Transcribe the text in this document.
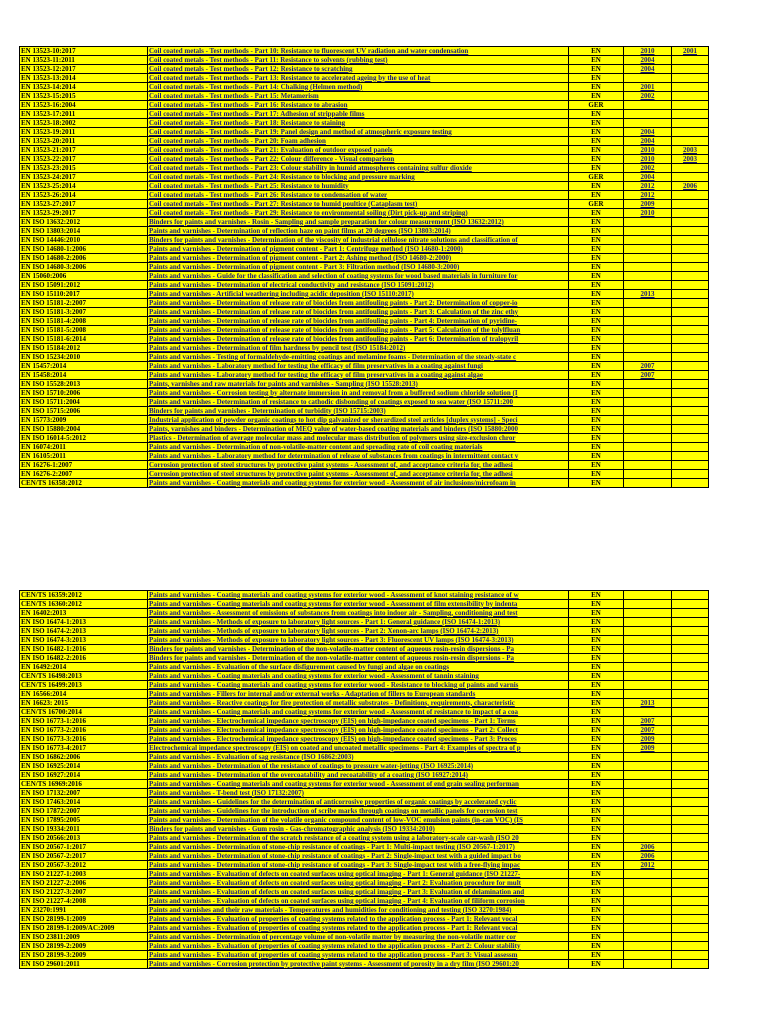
EN 13523-10:2017	Coil coated metals - Test methods - Part 10: Resistance to fluorescent UV radiation and water condensation	EN	2010	2001
EN 13523-11:2011	Coil coated metals - Test methods - Part 11: Resistance to solvents (rubbing test)	EN	2004	
EN 13523-12:2017	Coil coated metals - Test methods - Part 12: Resistance to scratching	EN	2004	
EN 13523-13:2014	Coil coated metals - Test methods - Part 13: Resistance to accelerated ageing by the use of heat	EN		
EN 13523-14:2014	Coil coated metals - Test methods - Part 14: Chalking (Helmen method)	EN	2001	
EN 13523-15:2015	Coil coated metals - Test methods - Part 15: Metamerism	EN	2002	
EN 13523-16:2004	Coil coated metals - Test methods - Part 16: Resistance to abrasion	GER		
EN 13523-17:2011	Coil coated metals - Test methods - Part 17: Adhesion of strippable films	EN		
EN 13523-18:2002	Coil coated metals - Test methods - Part 18: Resistance to staining	EN		
EN 13523-19:2011	Coil coated metals - Test methods - Part 19: Panel design and method of atmospheric exposure testing	EN	2004	
EN 13523-20:2011	Coil coated metals - Test methods - Part 20: Foam adhesion	EN	2004	
EN 13523-21:2017	Coil coated metals - Test methods - Part 21: Evaluation of outdoor exposed panels	EN	2010	2003
EN 13523-22:2017	Coil coated metals - Test methods - Part 22: Colour difference - Visual comparison	EN	2010	2003
EN 13523-23:2015	Coil coated metals - Test methods - Part 23: Colour stability in humid atmospheres containing sulfur dioxide	EN	2002	
EN 13523-24:2017	Coil coated metals - Test methods - Part 24: Resistance to blocking and pressure marking	GER	2004	
EN 13523-25:2014	Coil coated metals - Test methods - Part 25: Resistance to humidity	EN	2012	2006
EN 13523-26:2014	Coil coated metals - Test methods - Part 26: Resistance to condensation of water	EN	2012	
EN 13523-27:2017	Coil coated metals - Test methods - Part 27: Resistance to humid poultice (Cataplasm test)	GER	2009	
EN 13523-29:2017	Coil coated metals - Test methods - Part 29: Resistance to environmental soiling (Dirt pick-up and striping)	EN	2010	
EN ISO 13632:2012	Binders for paints and varnishes - Rosin - Sampling and sample preparation for colour measurement (ISO 13632:2012)	EN		
EN ISO 13803:2014	Paints and varnishes - Determination of reflection haze on paint films at 20 degrees (ISO 13803:2014)	EN		
EN ISO 14446:2010	Binders for paints and varnishes - Determination of the viscosity of industrial cellulose nitrate solutions and classification of	EN		
EN ISO 14680-1:2006	Paints and varnishes - Determination of pigment content - Part 1: Centrifuge method (ISO 14680-1:2000)	EN		
EN ISO 14680-2:2006	Paints and varnishes - Determination of pigment content - Part 2: Ashing method (ISO 14680-2:2000)	EN		
EN ISO 14680-3:2006	Paints and varnishes - Determination of pigment content - Part 3: Filtration method (ISO 14680-3:2000)	EN		
EN 15060:2006	Paints and varnishes - Guide for the classification and selection of coating systems for wood based materials in furniture for	EN		
EN ISO 15091:2012	Paints and varnishes - Determination of electrical conductivity and resistance (ISO 15091:2012)	EN		
EN ISO 15110:2017	Paints and varnishes - Artificial weathering including acidic deposition (ISO 15110:2017)	EN	2013	
EN ISO 15181-2:2007	Paints and varnishes - Determination of release rate of biocides from antifouling paints - Part 2: Determination of copper-io	EN		
EN ISO 15181-3:2007	Paints and varnishes - Determination of release rate of biocides from antifouling paints - Part 3: Calculation of the zinc ethy	EN		
EN ISO 15181-4:2008	Paints and varnishes - Determination of release rate of biocides from antifouling paints - Part 4: Determination of pyridine-	EN		
EN ISO 15181-5:2008	Paints and varnishes - Determination of release rate of biocides from antifouling paints - Part 5: Calculation of the tolylfluan	EN		
EN ISO 15181-6:2014	Paints and varnishes - Determination of release rate of biocides from antifouling paints - Part 6: Determination of tralopyril	EN		
EN ISO 15184:2012	Paints and varnishes - Determination of film hardness by pencil test (ISO 15184:2012)	EN		
EN ISO 15234:2010	Paints and varnishes - Testing of formaldehyde-emitting coatings and melamine foams - Determination of the steady-state c	EN		
EN 15457:2014	Paints and varnishes - Laboratory method for testing the efficacy of film preservatives in a coating against fungi	EN	2007	
EN 15458:2014	Paints and varnishes - Laboratory method for testing the efficacy of film preservatives in a coating against algae	EN	2007	
EN ISO 15528:2013	Paints, varnishes and raw materials for paints and varnishes - Sampling (ISO 15528:2013)	EN		
EN ISO 15710:2006	Paints and varnishes - Corrosion testing by alternate immersion in and removal from a buffered sodium chloride solution (I	EN		
EN ISO 15711:2004	Paints and varnishes - Determination of resistance to cathodic disbonding of coatings exposed to sea water (ISO 15711:200	EN		
EN ISO 15715:2006	Binders for paints and varnishes - Determination of turbidity (ISO 15715:2003)	EN		
EN 15773:2009	Industrial application of powder organic coatings to hot dip galvanized or sherardized steel articles [duplex systems] - Speci	EN		
EN ISO 15880:2004	Paints, varnishes and binders - Determination of MEQ value of water-based coating materials and binders (ISO 15880:2000	EN		
EN ISO 16014-5:2012	Plastics - Determination of average molecular mass and molecular mass distribution of polymers using size-exclusion chror	EN		
EN 16074:2011	Paints and varnishes - Determination of non-volatile-matter content and spreading rate of coil coating materials	EN		
EN 16105:2011	Paints and varnishes - Laboratory method for determination of release of substances from coatings in intermittent contact v	EN		
EN 16276-1:2007	Corrosion protection of steel structures by protective paint systems - Assessment of, and acceptance criteria for, the adhesi	EN		
EN 16276-2:2007	Corrosion protection of steel structures by protective paint systems - Assessment of, and acceptance criteria for, the adhesi	EN		
CEN/TS 16358:2012	Paints and varnishes - Coating materials and coating systems for exterior wood - Assessment of air inclusions/microfoam in	EN		
CEN/TS 16359:2012	Paints and varnishes - Coating materials and coating systems for exterior wood - Assessment of knot staining resistance of w	EN		
CEN/TS 16360:2012	Paints and varnishes - Coating materials and coating systems for exterior wood - Assessment of film extensibility by indenta	EN		
EN 16402:2013	Paints and varnishes - Assessment of emissions of substances from coatings into indoor air - Sampling, conditioning and test	EN		
EN ISO 16474-1:2013	Paints and varnishes - Methods of exposure to laboratory light sources - Part 1: General guidance (ISO 16474-1:2013)	EN		
EN ISO 16474-2:2013	Paints and varnishes - Methods of exposure to laboratory light sources - Part 2: Xenon-arc lamps (ISO 16474-2:2013)	EN		
EN ISO 16474-3:2013	Paints and varnishes - Methods of exposure to laboratory light sources - Part 3: Fluorescent UV lamps (ISO 16474-3:2013)	EN		
EN ISO 16482-1:2016	Binders for paints and varnishes - Determination of the non-volatile-matter content of aqueous rosin-resin dispersions - Pa	EN		
EN ISO 16482-2:2016	Binders for paints and varnishes - Determination of the non-volatile-matter content of aqueous rosin-resin dispersions - Pa	EN		
EN 16492:2014	Paints and varnishes - Evaluation of the surface disfigurement caused by fungi and algae on coatings	EN		
CEN/TS 16498:2013	Paints and varnishes - Coating materials and coating systems for exterior wood - Assessment of tannin staining	EN		
CEN/TS 16499:2013	Paints and varnishes - Coating materials and coating systems for exterior wood - Resistance to blocking of paints and varnis	EN		
EN 16566:2014	Paints and varnishes - Fillers for internal and/or external works - Adaptation of fillers to European standards	EN		
EN 16623: 2015	Paints and varnishes - Reactive coatings for fire protection of metallic substrates - Definitions, requirements, characteristic	EN	2013	
CEN/TS 16700:2014	Paints and varnishes - Coating materials and coating systems for exterior wood - Assessment of resistance to impact of a coa	EN		
EN ISO 16773-1:2016	Paints and varnishes - Electrochemical impedance spectroscopy (EIS) on high-impedance coated specimens - Part 1: Terms	EN	2007	
EN ISO 16773-2:2016	Paints and varnishes - Electrochemical impedance spectroscopy (EIS) on high-impedance coated specimens - Part 2: Collect	EN	2007	
EN ISO 16773-3:2016	Paints and varnishes - Electrochemical impedance spectroscopy (EIS) on high-impedance coated specimens - Part 3: Proces	EN	2009	
EN ISO 16773-4:2017	Electrochemical impedance spectroscopy (EIS) on coated and uncoated metallic specimens - Part 4: Examples of spectra of p	EN	2009	
EN ISO 16862:2006	Paints and varnishes - Evaluation of sag resistance (ISO 16862:2003)	EN		
EN ISO 16925:2014	Paints and varnishes - Determination of the resistance of coatings to pressure water-jetting (ISO 16925:2014)	EN		
EN ISO 16927:2014	Paints and varnishes - Determination of the overcoatability and recoatability of a coating (ISO 16927:2014)	EN		
CEN/TS 16969:2016	Paints and varnishes - Coating materials and coating systems for exterior wood - Assessment of end grain sealing performan	EN		
EN ISO 17132:2007	Paints and varnishes - T-bend test (ISO 17132:2007)	EN		
EN ISO 17463:2014	Paints and varnishes - Guidelines for the determination of anticorrosive properties of organic coatings by accelerated cyclic	EN		
EN ISO 17872:2007	Paints and varnishes - Guidelines for the introduction of scribe marks through coatings on metallic panels for corrosion test	EN		
EN ISO 17895:2005	Paints and varnishes - Determination of the volatile organic compound content of low-VOC emulsion paints (in-can VOC) (IS	EN		
EN ISO 19334:2011	Binders for paints and varnishes - Gum rosin - Gas-chromatographic analysis (ISO 19334:2010)	EN		
EN ISO 20566:2013	Paints and varnishes - Determination of the scratch resistance of a coating system using a laboratory-scale car-wash (ISO 20	EN		
EN ISO 20567-1:2017	Paints and varnishes - Determination of stone-chip resistance of coatings - Part 1: Multi-impact testing (ISO 20567-1:2017)	EN	2006	
EN ISO 20567-2:2017	Paints and varnishes - Determination of stone-chip resistance of coatings - Part 2: Single-impact test with a guided impact bo	EN	2006	
EN ISO 20567-3:2012	Paints and varnishes - Determination of stone-chip resistance of coatings - Part 3: Single-impact test with a free-flying impac	EN	2012	
EN ISO 21227-1:2003	Paints and varnishes - Evaluation of defects on coated surfaces using optical imaging - Part 1: General guidance (ISO 21227-	EN		
EN ISO 21227-2:2006	Paints and varnishes - Evaluation of defects on coated surfaces using optical imaging - Part 2: Evaluation procedure for mult	EN		
EN ISO 21227-3:2007	Paints and varnishes - Evaluation of defects on coated surfaces using optical imaging - Part 3: Evaluation of delamination and	EN		
EN ISO 21227-4:2008	Paints and varnishes - Evaluation of defects on coated surfaces using optical imaging - Part 4: Evaluation of filiform corrosion	EN		
EN 23270:1991	Paints and varnishes and their raw materials - Temperatures and humidities for conditioning and testing (ISO 3270:1984)	EN		
EN ISO 28199-1:2009	Paints and varnishes - Evaluation of properties of coating systems related to the application process - Part 1: Relevant vocal	EN		
EN ISO 28199-1:2009/AC:2009	Paints and varnishes - Evaluation of properties of coating systems related to the application process - Part 1: Relevant vocal	EN		
EN ISO 23811:2009	Paints and varnishes - Determination of percentage volume of non-volatile matter by measuring the non-volatile matter cor	EN		
EN ISO 28199-2:2009	Paints and varnishes - Evaluation of properties of coating systems related to the application process - Part 2: Colour stability	EN		
EN ISO 28199-3:2009	Paints and varnishes - Evaluation of properties of coating systems related to the application process - Part 3: Visual assessm	EN		
EN ISO 29601:2011	Paints and varnishes - Corrosion protection by protective paint systems - Assessment of porosity in a dry film (ISO 29601:20	EN		
